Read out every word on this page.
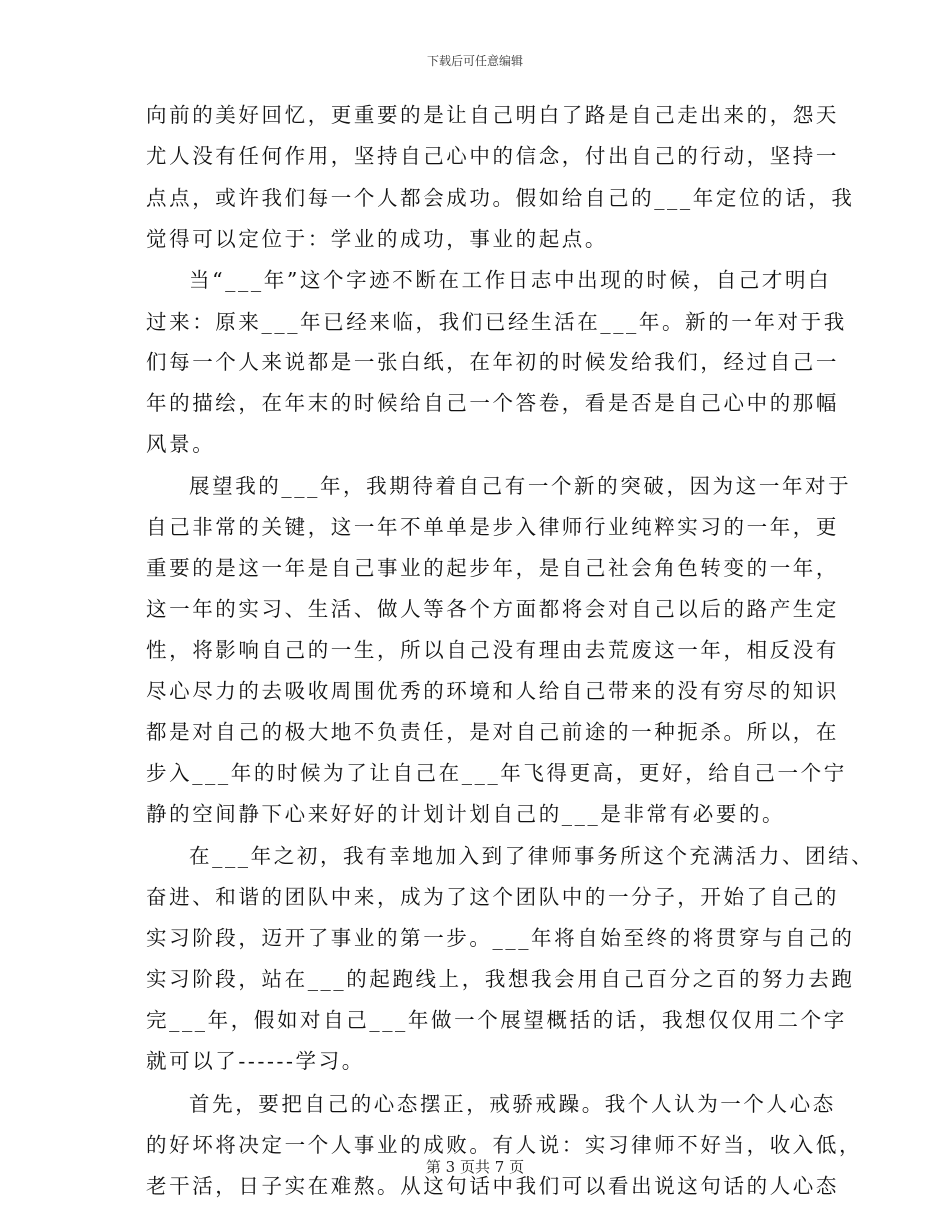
下载后可任意编辑
向前的美好回忆，更重要的是让自己明白了路是自己走出来的，怨天
尤人没有任何作用，坚持自己心中的信念，付出自己的行动，坚持一
点点，或许我们每一个人都会成功。假如给自己的___年定位的话，我
觉得可以定位于：学业的成功，事业的起点。
当“___年”这个字迹不断在工作日志中出现的时候，自己才明白
过来：原来___年已经来临，我们已经生活在___年。新的一年对于我
们每一个人来说都是一张白纸，在年初的时候发给我们，经过自己一
年的描绘，在年末的时候给自己一个答卷，看是否是自己心中的那幅
风景。
展望我的___年，我期待着自己有一个新的突破，因为这一年对于
自己非常的关键，这一年不单单是步入律师行业纯粹实习的一年，更
重要的是这一年是自己事业的起步年，是自己社会角色转变的一年，
这一年的实习、生活、做人等各个方面都将会对自己以后的路产生定
性，将影响自己的一生，所以自己没有理由去荒废这一年，相反没有
尽心尽力的去吸收周围优秀的环境和人给自己带来的没有穷尽的知识
都是对自己的极大地不负责任，是对自己前途的一种扼杀。所以，在
步入___年的时候为了让自己在___年飞得更高，更好，给自己一个宁
静的空间静下心来好好的计划计划自己的___是非常有必要的。
在___年之初，我有幸地加入到了律师事务所这个充满活力、团结、
奋进、和谐的团队中来，成为了这个团队中的一分子，开始了自己的
实习阶段，迈开了事业的第一步。___年将自始至终的将贯穿与自己的
实习阶段，站在___的起跑线上，我想我会用自己百分之百的努力去跑
完___年，假如对自己___年做一个展望概括的话，我想仅仅用二个字
就可以了------学习。
首先，要把自己的心态摆正，戒骄戒躁。我个人认为一个人心态
的好坏将决定一个人事业的成败。有人说：实习律师不好当，收入低，
老干活，日子实在难熬。从这句话中我们可以看出说这句话的人心态
第 3 页共 7 页
